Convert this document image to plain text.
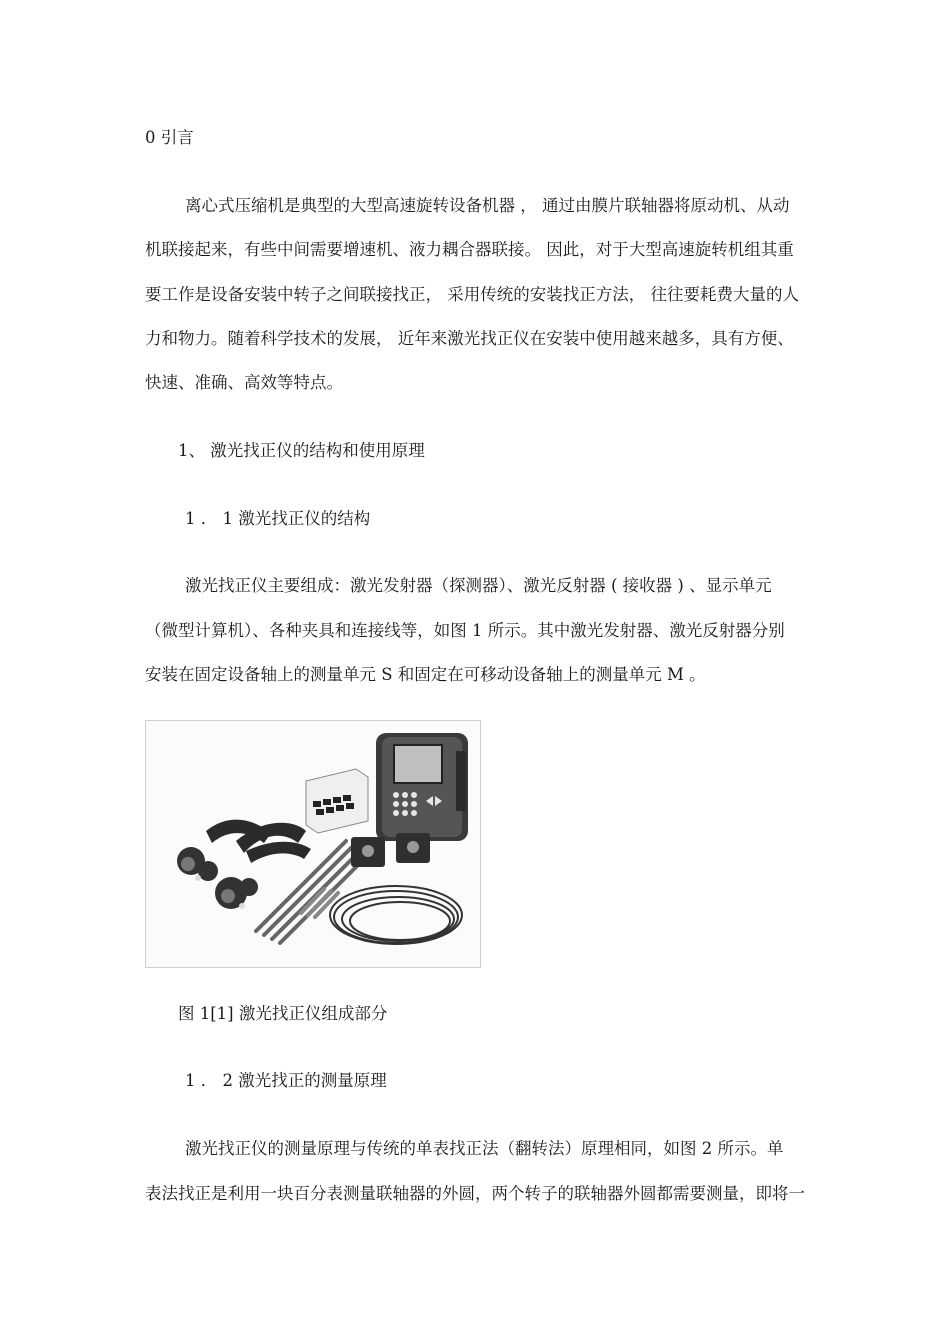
0 引言
离心式压缩机是典型的大型高速旋转设备机器 ， 通过由膜片联轴器将原动机、从动
机联接起来，有些中间需要增速机、液力耦合器联接。 因此，对于大型高速旋转机组其重
要工作是设备安装中转子之间联接找正， 采用传统的安装找正方法， 往往要耗费大量的人
力和物力。随着科学技术的发展， 近年来激光找正仪在安装中使用越来越多，具有方便、
快速、准确、高效等特点。
1、 激光找正仪的结构和使用原理
1 ． 1 激光找正仪的结构
激光找正仪主要组成：激光发射器（探测器）、激光反射器 ( 接收器 ) 、显示单元
（微型计算机）、各种夹具和连接线等，如图 1 所示。其中激光发射器、激光反射器分别
安装在固定设备轴上的测量单元 S 和固定在可移动设备轴上的测量单元 M 。
图 1[1] 激光找正仪组成部分
1 ． 2 激光找正的测量原理
激光找正仪的测量原理与传统的单表找正法（翻转法）原理相同，如图 2 所示。单
表法找正是利用一块百分表测量联轴器的外圆，两个转子的联轴器外圆都需要测量，即将一
